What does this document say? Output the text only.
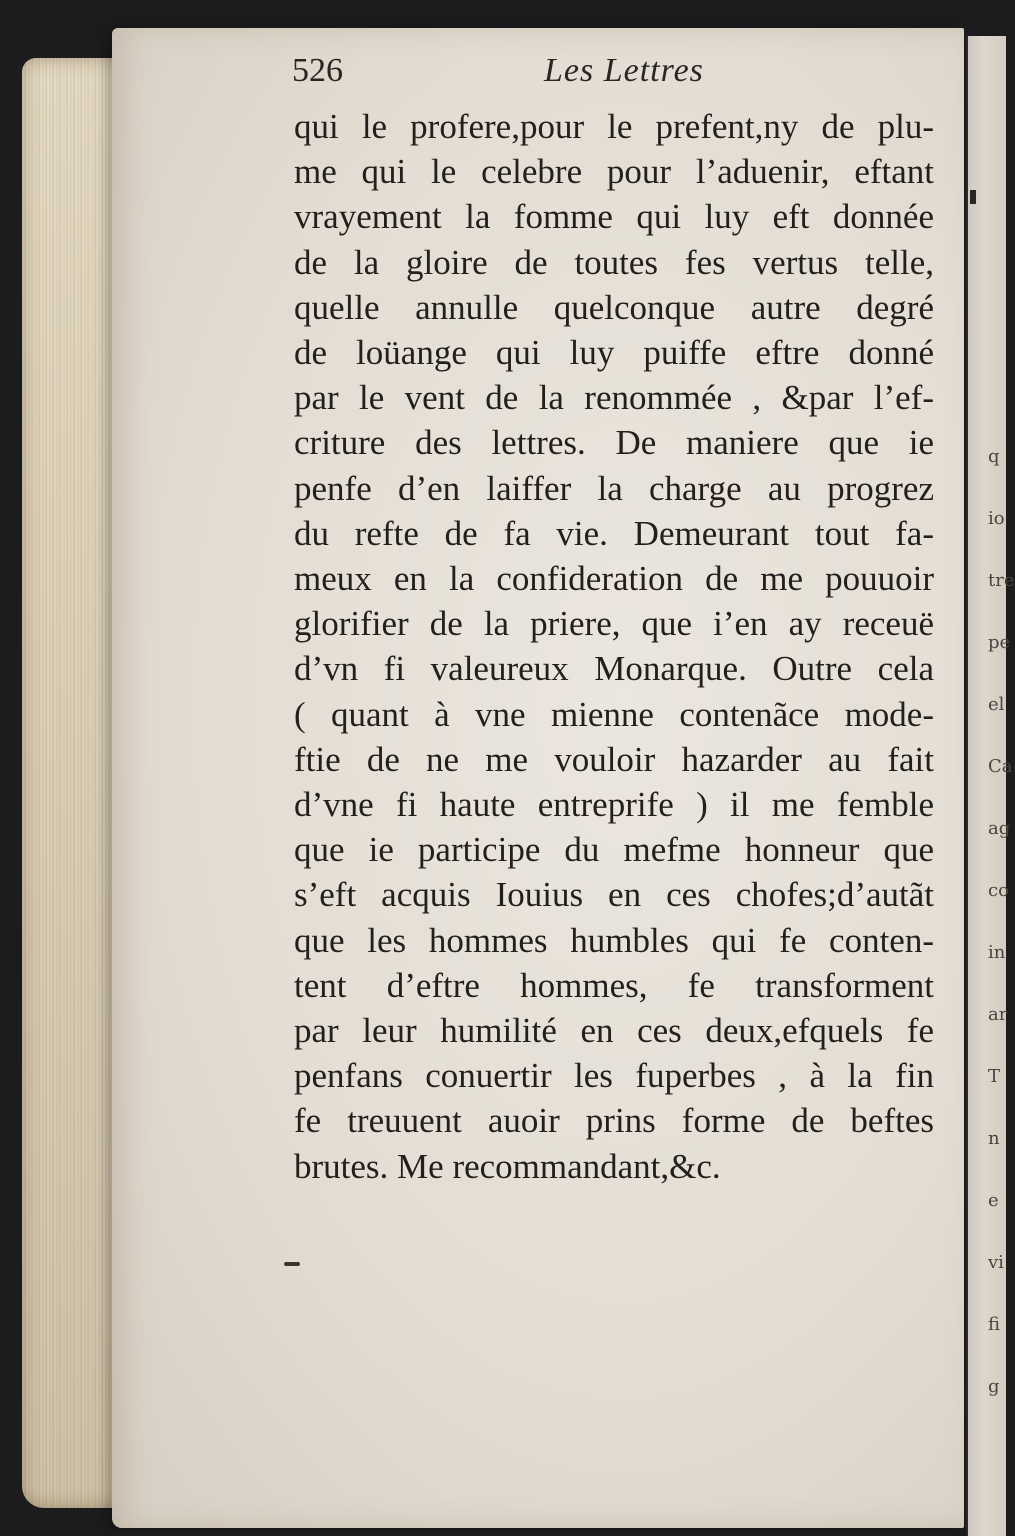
q
io
tre
pe
el
Ca
ag
co
in
ar
T
n
e
vi
fi
g
526	Les Lettres
qui le profere,pour le prefent,ny de plu-
me qui le celebre pour l’aduenir, eftant
vrayement la fomme qui luy eft donnée
de la gloire de toutes fes vertus telle,
quelle annulle quelconque autre degré
de loüange qui luy puiffe eftre donné
par le vent de la renommée , &par l’ef-
criture des lettres. De maniere que ie
penfe d’en laiffer la charge au progrez
du refte de fa vie. Demeurant tout fa-
meux en la confideration de me pouuoir
glorifier de la priere, que i’en ay receuë
d’vn fi valeureux Monarque. Outre cela
( quant à vne mienne contenãce mode-
ftie de ne me vouloir hazarder au fait
d’vne fi haute entreprife ) il me femble
que ie participe du mefme honneur que
s’eft acquis Iouius en ces chofes;d’autãt
que les hommes humbles qui fe conten-
tent d’eftre hommes, fe transforment
par leur humilité en ces deux,efquels fe
penfans conuertir les fuperbes , à la fin
fe treuuent auoir prins forme de beftes
brutes. Me recommandant,&c.
